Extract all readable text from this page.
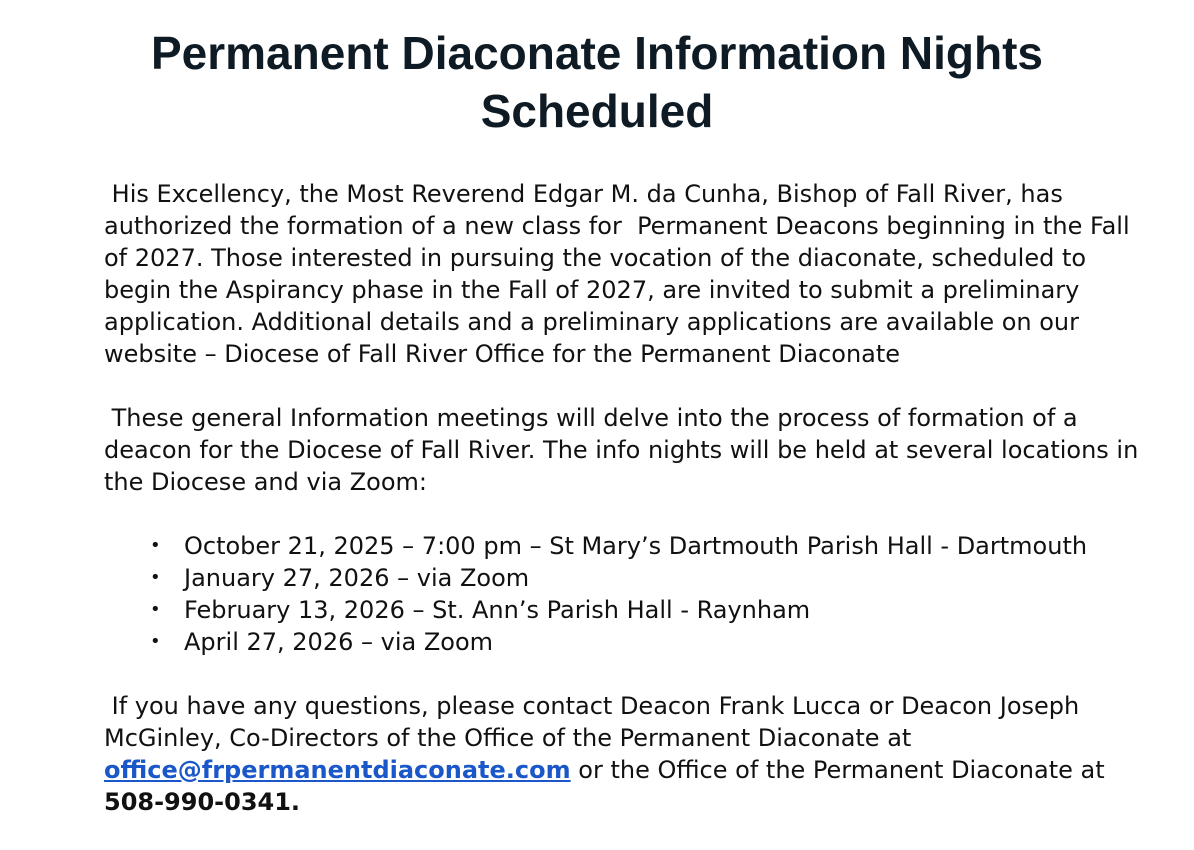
Permanent Diaconate Information Nights Scheduled

His Excellency, the Most Reverend Edgar M. da Cunha, Bishop of Fall River, has authorized the formation of a new class for  Permanent Deacons beginning in the Fall of 2027. Those interested in pursuing the vocation of the diaconate, scheduled to begin the Aspirancy phase in the Fall of 2027, are invited to submit a preliminary application. Additional details and a preliminary applications are available on our website – Diocese of Fall River Office for the Permanent Diaconate

These general Information meetings will delve into the process of formation of a deacon for the Diocese of Fall River. The info nights will be held at several locations in the Diocese and via Zoom:

• October 21, 2025 – 7:00 pm – St Mary’s Dartmouth Parish Hall - Dartmouth
• January 27, 2026 – via Zoom
• February 13, 2026 – St. Ann’s Parish Hall - Raynham
• April 27, 2026 – via Zoom

If you have any questions, please contact Deacon Frank Lucca or Deacon Joseph McGinley, Co-Directors of the Office of the Permanent Diaconate at office@frpermanentdiaconate.com or the Office of the Permanent Diaconate at 508-990-0341.
